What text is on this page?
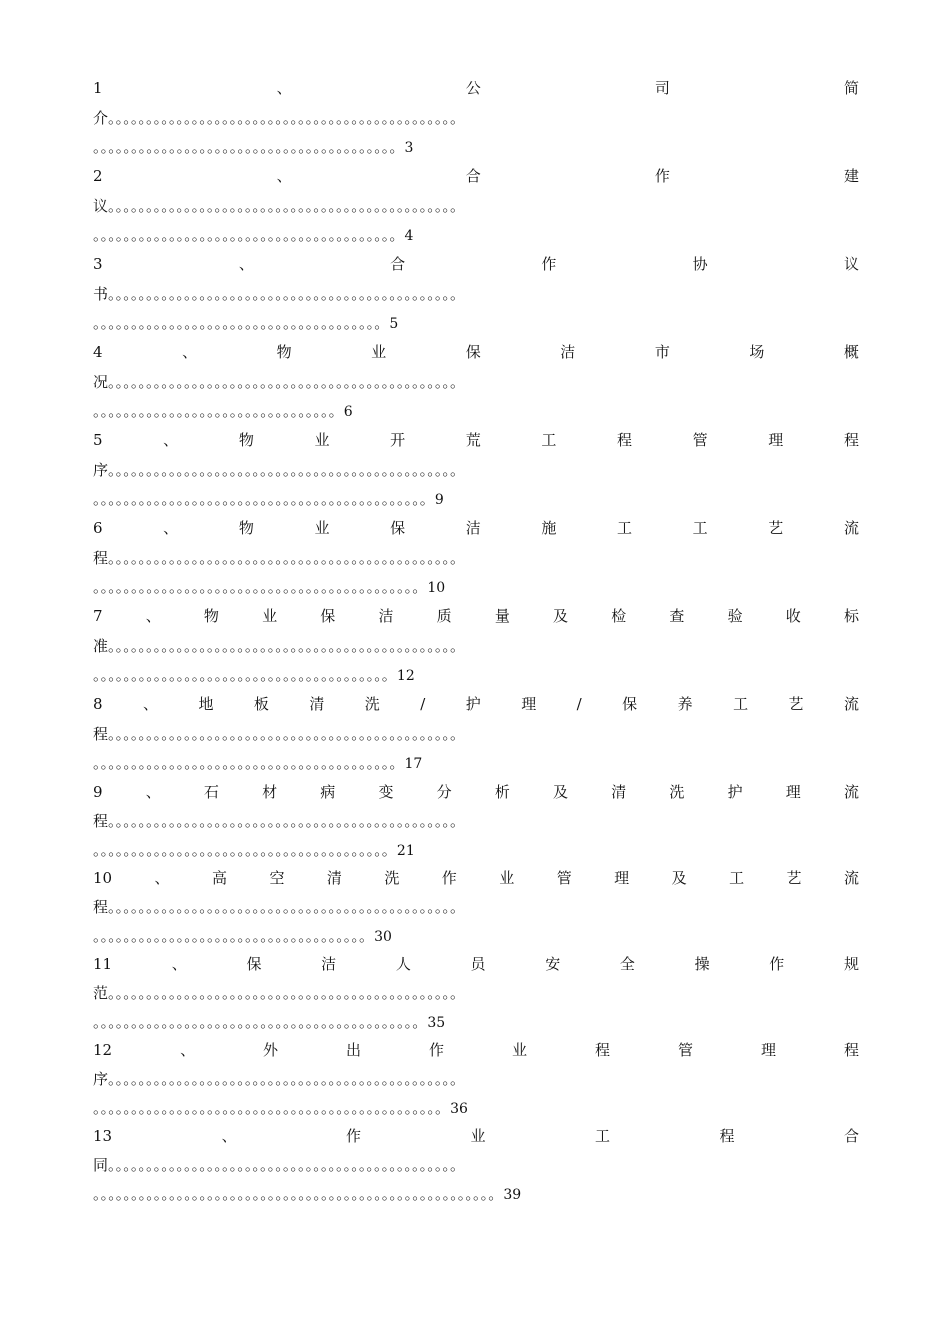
1	、	公	司	简
介。。。。。。。。。。。。。。。。。。。。。。。。。。。。。。。。。。。。。。。。。。。。。。
。。。。。。。。。。。。。。。。。。。。。。。。。。。。。。。。。。。。。。。。3
2	、	合	作	建
议。。。。。。。。。。。。。。。。。。。。。。。。。。。。。。。。。。。。。。。。。。。。。。
。。。。。。。。。。。。。。。。。。。。。。。。。。。。。。。。。。。。。。。。4
3	、	合	作	协	议
书。。。。。。。。。。。。。。。。。。。。。。。。。。。。。。。。。。。。。。。。。。。。。。
。。。。。。。。。。。。。。。。。。。。。。。。。。。。。。。。。。。。。。5
4	、	物	业	保	洁	市	场	概
况。。。。。。。。。。。。。。。。。。。。。。。。。。。。。。。。。。。。。。。。。。。。。。
。。。。。。。。。。。。。。。。。。。。。。。。。。。。。。。。6
5	、	物	业	开	荒	工	程	管	理	程
序。。。。。。。。。。。。。。。。。。。。。。。。。。。。。。。。。。。。。。。。。。。。。。
。。。。。。。。。。。。。。。。。。。。。。。。。。。。。。。。。。。。。。。。。。。。9
6	、	物	业	保	洁	施	工	工	艺	流
程。。。。。。。。。。。。。。。。。。。。。。。。。。。。。。。。。。。。。。。。。。。。。。
。。。。。。。。。。。。。。。。。。。。。。。。。。。。。。。。。。。。。。。。。。。10
7	、	物	业	保	洁	质	量	及	检	查	验	收	标
准。。。。。。。。。。。。。。。。。。。。。。。。。。。。。。。。。。。。。。。。。。。。。。
。。。。。。。。。。。。。。。。。。。。。。。。。。。。。。。。。。。。。。。12
8	、	地	板	清	洗	/	护	理	/	保	养	工	艺	流
程。。。。。。。。。。。。。。。。。。。。。。。。。。。。。。。。。。。。。。。。。。。。。。
。。。。。。。。。。。。。。。。。。。。。。。。。。。。。。。。。。。。。。。。17
9	、	石	材	病	变	分	析	及	清	洗	护	理	流
程。。。。。。。。。。。。。。。。。。。。。。。。。。。。。。。。。。。。。。。。。。。。。。
。。。。。。。。。。。。。。。。。。。。。。。。。。。。。。。。。。。。。。。21
10	、	高	空	清	洗	作	业	管	理	及	工	艺	流
程。。。。。。。。。。。。。。。。。。。。。。。。。。。。。。。。。。。。。。。。。。。。。。
。。。。。。。。。。。。。。。。。。。。。。。。。。。。。。。。。。。。30
11	、	保	洁	人	员	安	全	操	作	规
范。。。。。。。。。。。。。。。。。。。。。。。。。。。。。。。。。。。。。。。。。。。。。。
。。。。。。。。。。。。。。。。。。。。。。。。。。。。。。。。。。。。。。。。。。。35
12	、	外	出	作	业	程	管	理	程
序。。。。。。。。。。。。。。。。。。。。。。。。。。。。。。。。。。。。。。。。。。。。。。
。。。。。。。。。。。。。。。。。。。。。。。。。。。。。。。。。。。。。。。。。。。。。。36
13	、	作	业	工	程	合
同。。。。。。。。。。。。。。。。。。。。。。。。。。。。。。。。。。。。。。。。。。。。。。
。。。。。。。。。。。。。。。。。。。。。。。。。。。。。。。。。。。。。。。。。。。。。。。。。。。。。39
